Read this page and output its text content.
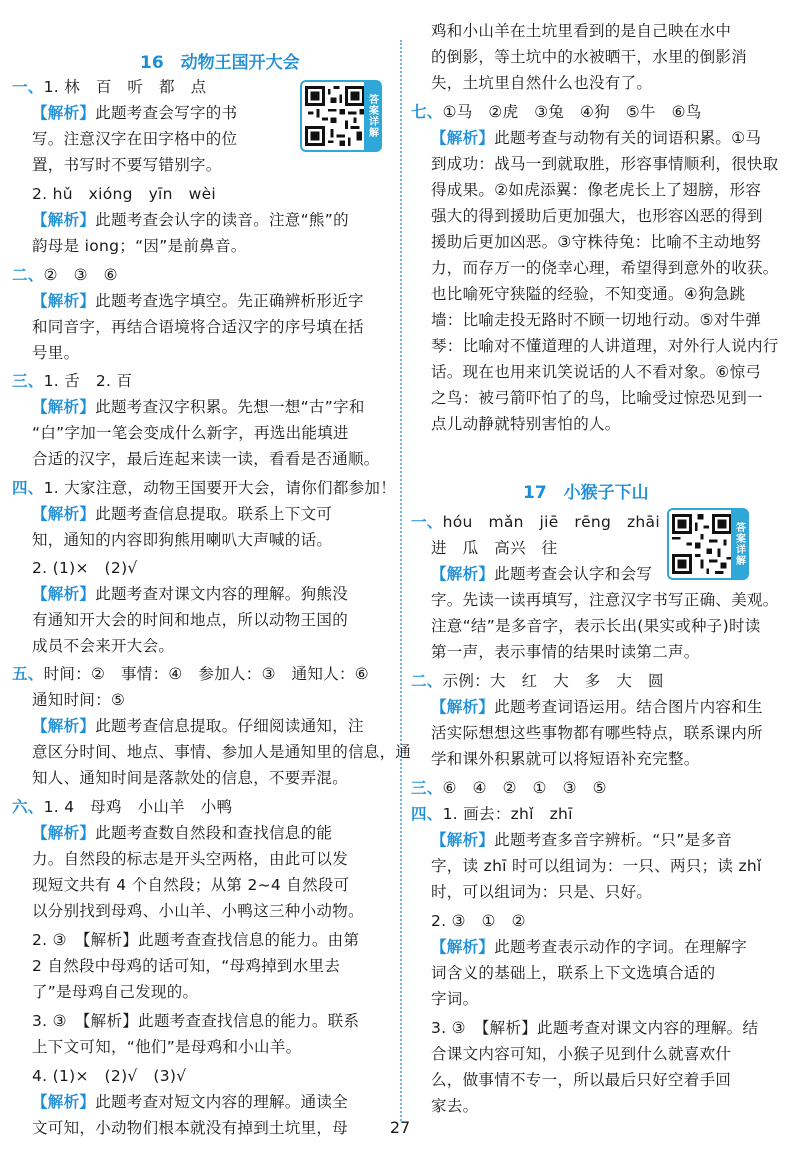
16　动物王国开大会
答案详解
一、1. 林　百　听　都　点
【解析】此题考查会写字的书
写。注意汉字在田字格中的位
置，书写时不要写错别字。
2. hǔ　xióng　yīn　wèi
【解析】此题考查会认字的读音。注意“熊”的
韵母是 iong；“因”是前鼻音。
二、②　③　⑥
【解析】此题考查选字填空。先正确辨析形近字
和同音字，再结合语境将合适汉字的序号填在括
号里。
三、1. 舌　2. 百
【解析】此题考查汉字积累。先想一想“古”字和
“白”字加一笔会变成什么新字，再选出能填进
合适的汉字，最后连起来读一读，看看是否通顺。
四、1. 大家注意，动物王国要开大会，请你们都参加！
【解析】此题考查信息提取。联系上下文可
知，通知的内容即狗熊用喇叭大声喊的话。
2. (1)×　(2)√
【解析】此题考查对课文内容的理解。狗熊没
有通知开大会的时间和地点，所以动物王国的
成员不会来开大会。
五、时间：②　事情：④　参加人：③　通知人：⑥
通知时间：⑤
【解析】此题考查信息提取。仔细阅读通知，注
意区分时间、地点、事情、参加人是通知里的信息，通
知人、通知时间是落款处的信息，不要弄混。
六、1. 4　母鸡　小山羊　小鸭
【解析】此题考查数自然段和查找信息的能
力。自然段的标志是开头空两格，由此可以发
现短文共有 4 个自然段；从第 2~4 自然段可
以分别找到母鸡、小山羊、小鸭这三种小动物。
2. ③　【解析】此题考查查找信息的能力。由第
2 自然段中母鸡的话可知，“母鸡掉到水里去
了”是母鸡自己发现的。
3. ③　【解析】此题考查查找信息的能力。联系
上下文可知，“他们”是母鸡和小山羊。
4. (1)×　(2)√　(3)√
【解析】此题考查对短文内容的理解。通读全
文可知，小动物们根本就没有掉到土坑里，母
17　小猴子下山
答案详解
鸡和小山羊在土坑里看到的是自己映在水中
的倒影，等土坑中的水被晒干，水里的倒影消
失，土坑里自然什么也没有了。
七、①马　②虎　③兔　④狗　⑤牛　⑥鸟
【解析】此题考查与动物有关的词语积累。①马
到成功：战马一到就取胜，形容事情顺利，很快取
得成果。②如虎添翼：像老虎长上了翅膀，形容
强大的得到援助后更加强大，也形容凶恶的得到
援助后更加凶恶。③守株待兔：比喻不主动地努
力，而存万一的侥幸心理，希望得到意外的收获。
也比喻死守狭隘的经验，不知变通。④狗急跳
墙：比喻走投无路时不顾一切地行动。⑤对牛弹
琴：比喻对不懂道理的人讲道理，对外行人说内行
话。现在也用来讥笑说话的人不看对象。⑥惊弓
之鸟：被弓箭吓怕了的鸟，比喻受过惊恐见到一
点儿动静就特别害怕的人。
一、hóu　mǎn　jiē　rēng　zhāi
进　瓜　高兴　往
【解析】此题考查会认字和会写
字。先读一读再填写，注意汉字书写正确、美观。
注意“结”是多音字，表示长出(果实或种子)时读
第一声，表示事情的结果时读第二声。
二、示例：大　红　大　多　大　圆
【解析】此题考查词语运用。结合图片内容和生
活实际想想这些事物都有哪些特点，联系课内所
学和课外积累就可以将短语补充完整。
三、⑥　④　②　①　③　⑤
四、1. 画去：zhǐ　zhī
【解析】此题考查多音字辨析。“只”是多音
字，读 zhī 时可以组词为：一只、两只；读 zhǐ
时，可以组词为：只是、只好。
2. ③　①　②
【解析】此题考查表示动作的字词。在理解字
词含义的基础上，联系上下文选填合适的
字词。
3. ③　【解析】此题考查对课文内容的理解。结
合课文内容可知，小猴子见到什么就喜欢什
么，做事情不专一，所以最后只好空着手回
家去。
27
